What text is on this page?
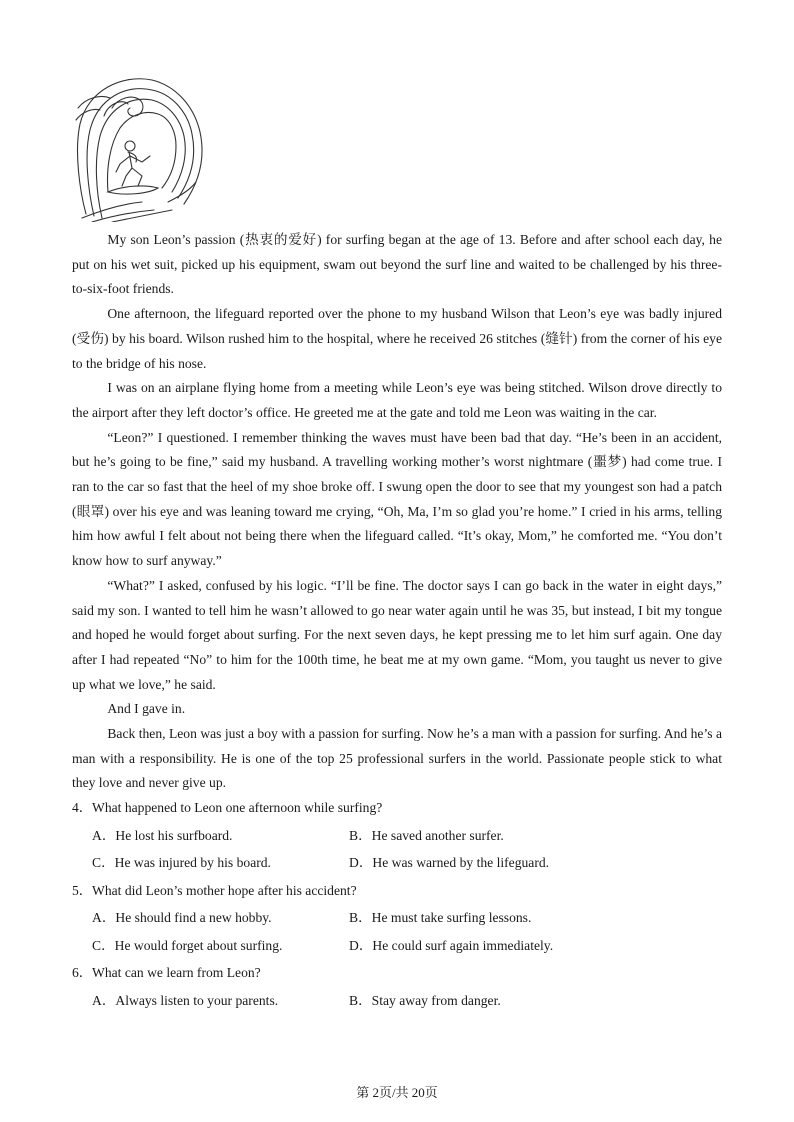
My son Leon’s passion (热衷的爱好) for surfing began at the age of 13. Before and after school each day, he put on his wet suit, picked up his equipment, swam out beyond the surf line and waited to be challenged by his three-to-six-foot friends.

One afternoon, the lifeguard reported over the phone to my husband Wilson that Leon’s eye was badly injured (受伤) by his board. Wilson rushed him to the hospital, where he received 26 stitches (缝针) from the corner of his eye to the bridge of his nose.

I was on an airplane flying home from a meeting while Leon’s eye was being stitched. Wilson drove directly to the airport after they left doctor’s office. He greeted me at the gate and told me Leon was waiting in the car.

“Leon?” I questioned. I remember thinking the waves must have been bad that day. “He’s been in an accident, but he’s going to be fine,” said my husband. A travelling working mother’s worst nightmare (噩梦) had come true. I ran to the car so fast that the heel of my shoe broke off. I swung open the door to see that my youngest son had a patch (眼罩) over his eye and was leaning toward me crying, “Oh, Ma, I’m so glad you’re home.” I cried in his arms, telling him how awful I felt about not being there when the lifeguard called. “It’s okay, Mom,” he comforted me. “You don’t know how to surf anyway.”

“What?” I asked, confused by his logic. “I’ll be fine. The doctor says I can go back in the water in eight days,” said my son. I wanted to tell him he wasn’t allowed to go near water again until he was 35, but instead, I bit my tongue and hoped he would forget about surfing. For the next seven days, he kept pressing me to let him surf again. One day after I had repeated “No” to him for the 100th time, he beat me at my own game. “Mom, you taught us never to give up what we love,” he said.

And I gave in.

Back then, Leon was just a boy with a passion for surfing. Now he’s a man with a passion for surfing. And he’s a man with a responsibility. He is one of the top 25 professional surfers in the world. Passionate people stick to what they love and never give up.

4．What happened to Leon one afternoon while surfing?
A．He lost his surfboard.	B．He saved another surfer.
C．He was injured by his board.	D．He was warned by the lifeguard.
5．What did Leon’s mother hope after his accident?
A．He should find a new hobby.	B．He must take surfing lessons.
C．He would forget about surfing.	D．He could surf again immediately.
6．What can we learn from Leon?
A．Always listen to your parents.	B．Stay away from danger.
第 2页/共 20页
